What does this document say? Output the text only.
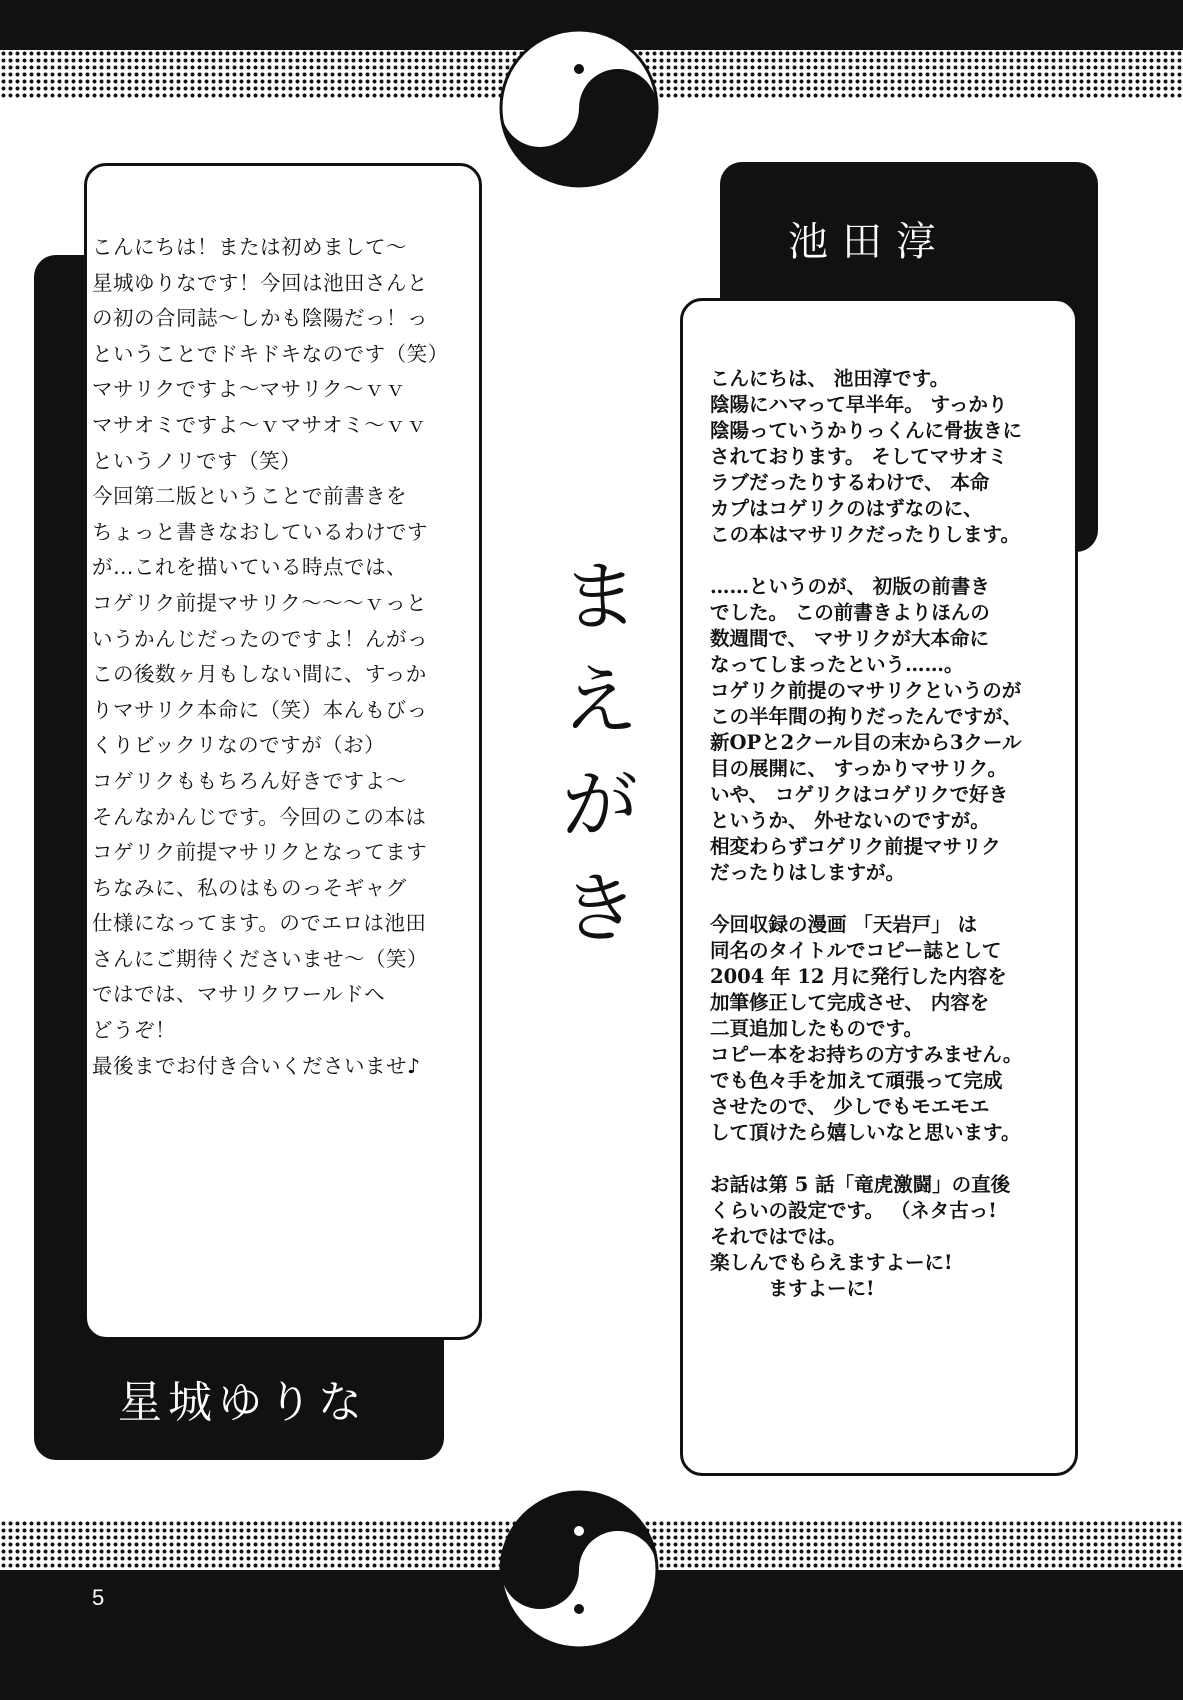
こんにちは！または初めまして〜
星城ゆりなです！今回は池田さんと
の初の合同誌〜しかも陰陽だっ！っ
ということでドキドキなのです（笑）
マサリクですよ〜マサリク〜ｖｖ
マサオミですよ〜ｖマサオミ〜ｖｖ
というノリです（笑）
今回第二版ということで前書きを
ちょっと書きなおしているわけです
が…これを描いている時点では、
コゲリク前提マサリク〜〜〜ｖっと
いうかんじだったのですよ！んがっ
この後数ヶ月もしない間に、すっか
りマサリク本命に（笑）本んもびっ
くりビックリなのですが（お）
コゲリクももちろん好きですよ〜
そんなかんじです。今回のこの本は
コゲリク前提マサリクとなってます
ちなみに、私のはものっそギャグ
仕様になってます。のでエロは池田
さんにご期待くださいませ〜（笑）
ではでは、マサリクワールドへ
どうぞ！
最後までお付き合いくださいませ♪
星城ゆりな
ま
え
が
き
池田淳
こんにちは、 池田淳です。
陰陽にハマって早半年。 すっかり
陰陽っていうかりっくんに骨抜きに
されております。 そしてマサオミ
ラブだったりするわけで、 本命
カプはコゲリクのはずなのに、
この本はマサリクだったりします。
……というのが、 初版の前書き
でした。 この前書きよりほんの
数週間で、 マサリクが大本命に
なってしまったという……。
コゲリク前提のマサリクというのが
この半年間の拘りだったんですが、
新OPと2クール目の末から3クール
目の展開に、 すっかりマサリク。
いや、 コゲリクはコゲリクで好き
というか、 外せないのですが。
相変わらずコゲリク前提マサリク
だったりはしますが。
今回収録の漫画 「天岩戸」 は
同名のタイトルでコピー誌として
2004 年 12 月に発行した内容を
加筆修正して完成させ、 内容を
二頁追加したものです。
コピー本をお持ちの方すみません。
でも色々手を加えて頑張って完成
させたので、 少しでもモエモエ
して頂けたら嬉しいなと思います。
お話は第 5 話「竜虎激闘」の直後
くらいの設定です。 （ネタ古っ!
それではでは。
楽しんでもらえますよーに!
　　　ますよーに!
5
